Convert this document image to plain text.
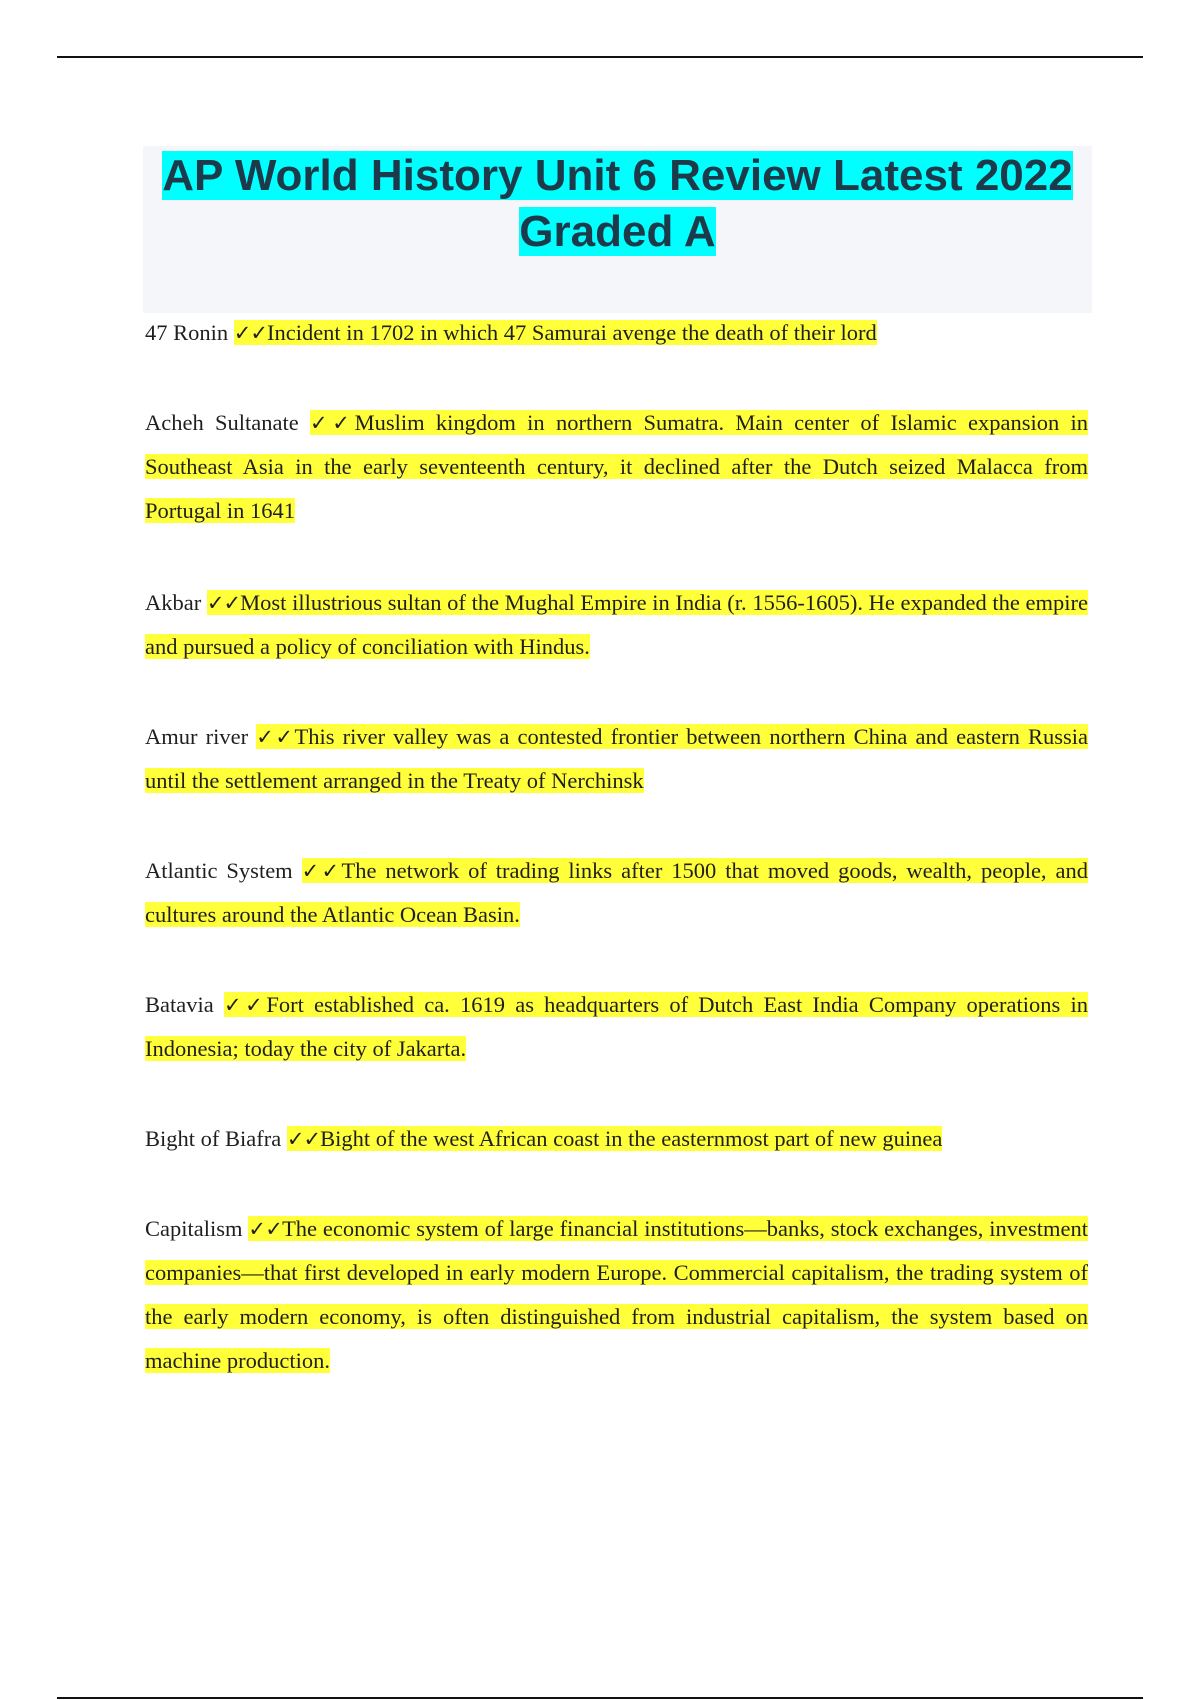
AP World History Unit 6 Review Latest 2022 Graded A

47 Ronin ✓✓Incident in 1702 in which 47 Samurai avenge the death of their lord

Acheh Sultanate ✓✓Muslim kingdom in northern Sumatra. Main center of Islamic expansion in Southeast Asia in the early seventeenth century, it declined after the Dutch seized Malacca from Portugal in 1641

Akbar ✓✓Most illustrious sultan of the Mughal Empire in India (r. 1556-1605). He expanded the empire and pursued a policy of conciliation with Hindus.

Amur river ✓✓This river valley was a contested frontier between northern China and eastern Russia until the settlement arranged in the Treaty of Nerchinsk

Atlantic System ✓✓The network of trading links after 1500 that moved goods, wealth, people, and cultures around the Atlantic Ocean Basin.

Batavia ✓✓Fort established ca. 1619 as headquarters of Dutch East India Company operations in Indonesia; today the city of Jakarta.

Bight of Biafra ✓✓Bight of the west African coast in the easternmost part of new guinea

Capitalism ✓✓The economic system of large financial institutions—banks, stock exchanges, investment companies—that first developed in early modern Europe. Commercial capitalism, the trading system of the early modern economy, is often distinguished from industrial capitalism, the system based on machine production.
